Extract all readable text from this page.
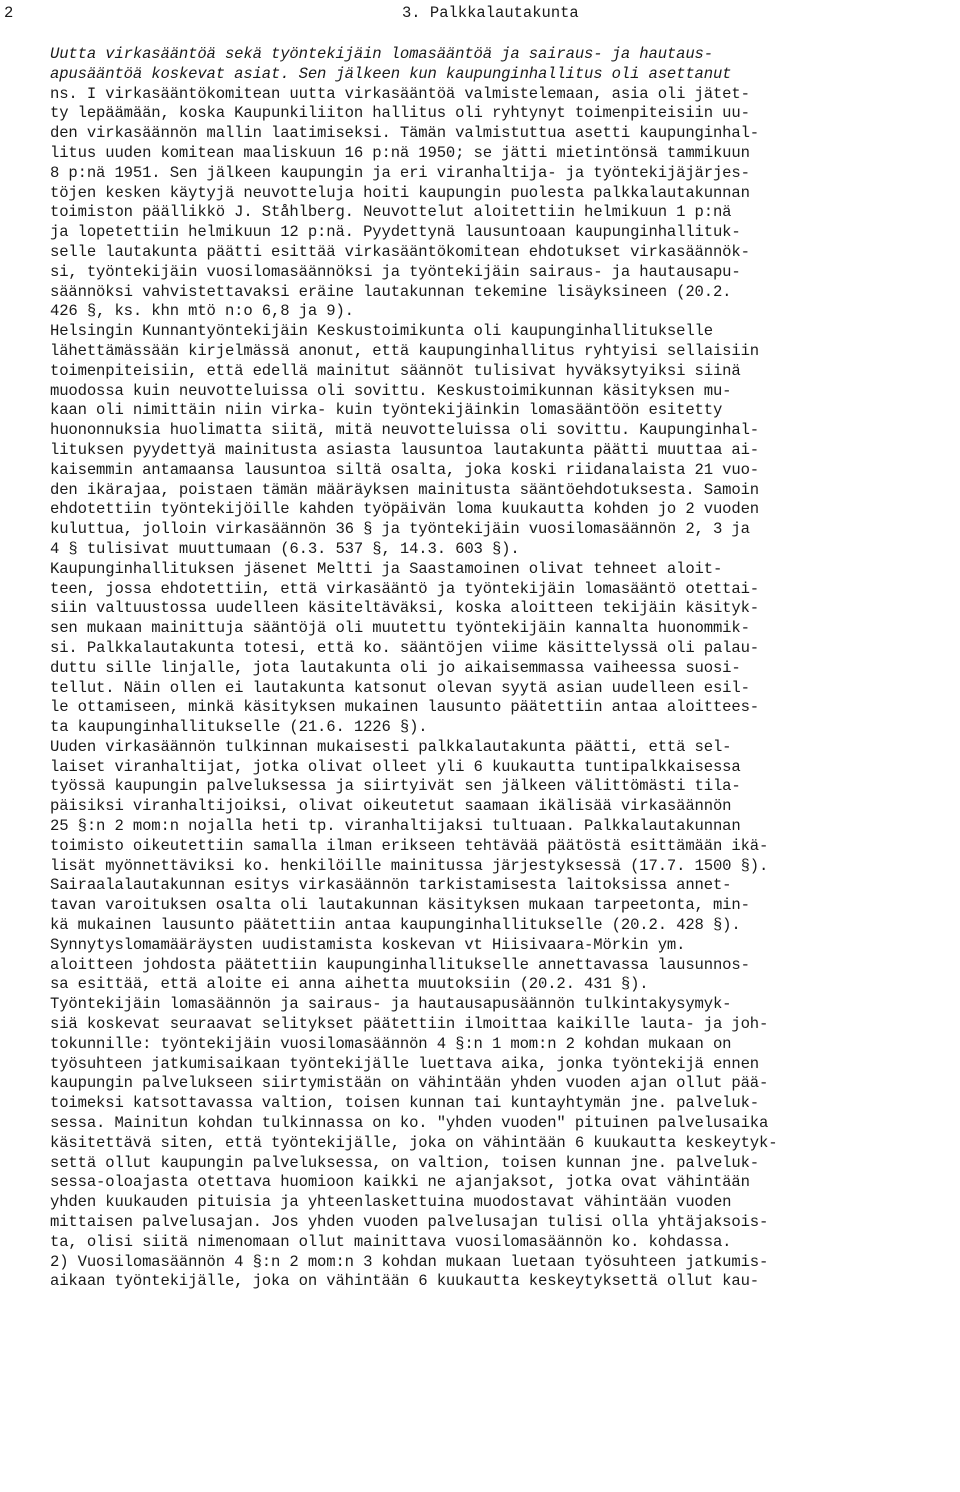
2	3. Palkkalautakunta
Uutta virkasääntöä sekä työntekijäin lomasääntöä ja sairaus- ja hautaus-
apusääntöä koskevat asiat. Sen jälkeen kun kaupunginhallitus oli asettanut
ns. I virkasääntökomitean uutta virkasääntöä valmistelemaan, asia oli jätet-
ty lepäämään, koska Kaupunkiliiton hallitus oli ryhtynyt toimenpiteisiin uu-
den virkasäännön mallin laatimiseksi. Tämän valmistuttua asetti kaupunginhal-
litus uuden komitean maaliskuun 16 p:nä 1950; se jätti mietintönsä tammikuun
8 p:nä 1951. Sen jälkeen kaupungin ja eri viranhaltija- ja työntekijäjärjes-
töjen kesken käytyjä neuvotteluja hoiti kaupungin puolesta palkkalautakunnan
toimiston päällikkö J. Ståhlberg. Neuvottelut aloitettiin helmikuun 1 p:nä
ja lopetettiin helmikuun 12 p:nä. Pyydettynä lausuntoaan kaupunginhallituk-
selle lautakunta päätti esittää virkasääntökomitean ehdotukset virkasäännök-
si, työntekijäin vuosilomasäännöksi ja työntekijäin sairaus- ja hautausapu-
säännöksi vahvistettavaksi eräine lautakunnan tekemine lisäyksineen (20.2.
426 §, ks. khn mtö n:o 6,8 ja 9).
Helsingin Kunnantyöntekijäin Keskustoimikunta oli kaupunginhallitukselle
lähettämässään kirjelmässä anonut, että kaupunginhallitus ryhtyisi sellaisiin
toimenpiteisiin, että edellä mainitut säännöt tulisivat hyväksytyiksi siinä
muodossa kuin neuvotteluissa oli sovittu. Keskustoimikunnan käsityksen mu-
kaan oli nimittäin niin virka- kuin työntekijäinkin lomasääntöön esitetty
huononnuksia huolimatta siitä, mitä neuvotteluissa oli sovittu. Kaupunginhal-
lituksen pyydettyä mainitusta asiasta lausuntoa lautakunta päätti muuttaa ai-
kaisemmin antamaansa lausuntoa siltä osalta, joka koski riidanalaista 21 vuo-
den ikärajaa, poistaen tämän määräyksen mainitusta sääntöehdotuksesta. Samoin
ehdotettiin työntekijöille kahden työpäivän loma kuukautta kohden jo 2 vuoden
kuluttua, jolloin virkasäännön 36 § ja työntekijäin vuosilomasäännön 2, 3 ja
4 § tulisivat muuttumaan (6.3. 537 §, 14.3. 603 §).
Kaupunginhallituksen jäsenet Meltti ja Saastamoinen olivat tehneet aloit-
teen, jossa ehdotettiin, että virkasääntö ja työntekijäin lomasääntö otettai-
siin valtuustossa uudelleen käsiteltäväksi, koska aloitteen tekijäin käsityk-
sen mukaan mainittuja sääntöjä oli muutettu työntekijäin kannalta huonommik-
si. Palkkalautakunta totesi, että ko. sääntöjen viime käsittelyssä oli palau-
duttu sille linjalle, jota lautakunta oli jo aikaisemmassa vaiheessa suosi-
tellut. Näin ollen ei lautakunta katsonut olevan syytä asian uudelleen esil-
le ottamiseen, minkä käsityksen mukainen lausunto päätettiin antaa aloittees-
ta kaupunginhallitukselle (21.6. 1226 §).
Uuden virkasäännön tulkinnan mukaisesti palkkalautakunta päätti, että sel-
laiset viranhaltijat, jotka olivat olleet yli 6 kuukautta tuntipalkkaisessa
työssä kaupungin palveluksessa ja siirtyivät sen jälkeen välittömästi tila-
päisiksi viranhaltijoiksi, olivat oikeutetut saamaan ikälisää virkasäännön
25 §:n 2 mom:n nojalla heti tp. viranhaltijaksi tultuaan. Palkkalautakunnan
toimisto oikeutettiin samalla ilman erikseen tehtävää päätöstä esittämään ikä-
lisät myönnettäviksi ko. henkilöille mainitussa järjestyksessä (17.7. 1500 §).
Sairaalalautakunnan esitys virkasäännön tarkistamisesta laitoksissa annet-
tavan varoituksen osalta oli lautakunnan käsityksen mukaan tarpeetonta, min-
kä mukainen lausunto päätettiin antaa kaupunginhallitukselle (20.2. 428 §).
Synnytyslomamääräysten uudistamista koskevan vt Hiisivaara-Mörkin ym.
aloitteen johdosta päätettiin kaupunginhallitukselle annettavassa lausunnos-
sa esittää, että aloite ei anna aihetta muutoksiin (20.2. 431 §).
Työntekijäin lomasäännön ja sairaus- ja hautausapusäännön tulkintakysymyk-
siä koskevat seuraavat selitykset päätettiin ilmoittaa kaikille lauta- ja joh-
tokunnille: työntekijäin vuosilomasäännön 4 §:n 1 mom:n 2 kohdan mukaan on
työsuhteen jatkumisaikaan työntekijälle luettava aika, jonka työntekijä ennen
kaupungin palvelukseen siirtymistään on vähintään yhden vuoden ajan ollut pää-
toimeksi katsottavassa valtion, toisen kunnan tai kuntayhtymän jne. palveluk-
sessa. Mainitun kohdan tulkinnassa on ko. "yhden vuoden" pituinen palvelusaika
käsitettävä siten, että työntekijälle, joka on vähintään 6 kuukautta keskeytyk-
settä ollut kaupungin palveluksessa, on valtion, toisen kunnan jne. palveluk-
sessa-oloajasta otettava huomioon kaikki ne ajanjaksot, jotka ovat vähintään
yhden kuukauden pituisia ja yhteenlaskettuina muodostavat vähintään vuoden
mittaisen palvelusajan. Jos yhden vuoden palvelusajan tulisi olla yhtäjaksois-
ta, olisi siitä nimenomaan ollut mainittava vuosilomasäännön ko. kohdassa.
2) Vuosilomasäännön 4 §:n 2 mom:n 3 kohdan mukaan luetaan työsuhteen jatkumis-
aikaan työntekijälle, joka on vähintään 6 kuukautta keskeytyksettä ollut kau-
